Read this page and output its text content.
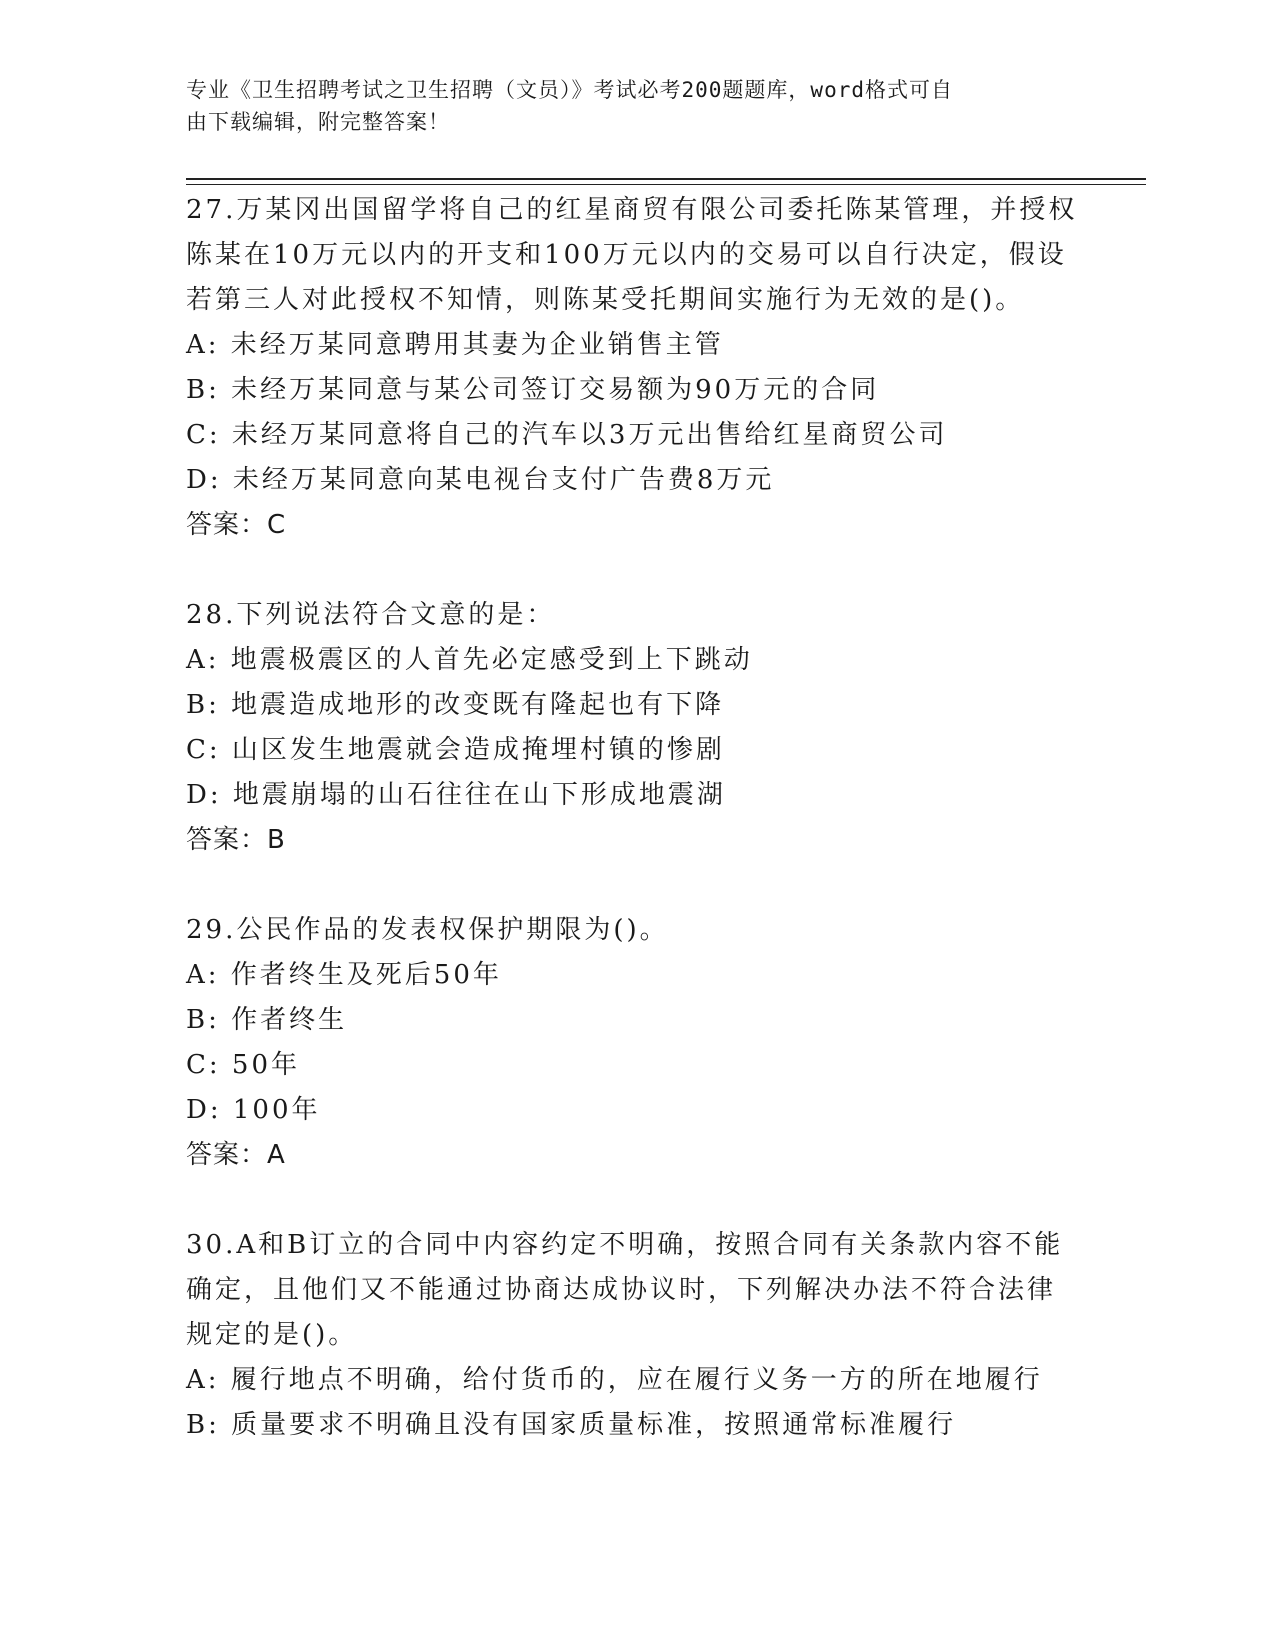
专业《卫生招聘考试之卫生招聘（文员）》考试必考200题题库，word格式可自
由下载编辑，附完整答案！
27.万某冈出国留学将自己的红星商贸有限公司委托陈某管理，并授权
陈某在10万元以内的开支和100万元以内的交易可以自行决定，假设
若第三人对此授权不知情，则陈某受托期间实施行为无效的是()。
A: 未经万某同意聘用其妻为企业销售主管
B: 未经万某同意与某公司签订交易额为90万元的合同
C: 未经万某同意将自己的汽车以3万元出售给红星商贸公司
D: 未经万某同意向某电视台支付广告费8万元
答案：C
28.下列说法符合文意的是：
A: 地震极震区的人首先必定感受到上下跳动
B: 地震造成地形的改变既有隆起也有下降
C: 山区发生地震就会造成掩埋村镇的惨剧
D: 地震崩塌的山石往往在山下形成地震湖
答案：B
29.公民作品的发表权保护期限为()。
A: 作者终生及死后50年
B: 作者终生
C: 50年
D: 100年
答案：A
30.A和B订立的合同中内容约定不明确，按照合同有关条款内容不能
确定，且他们又不能通过协商达成协议时，下列解决办法不符合法律
规定的是()。
A: 履行地点不明确，给付货币的，应在履行义务一方的所在地履行
B: 质量要求不明确且没有国家质量标准，按照通常标准履行
